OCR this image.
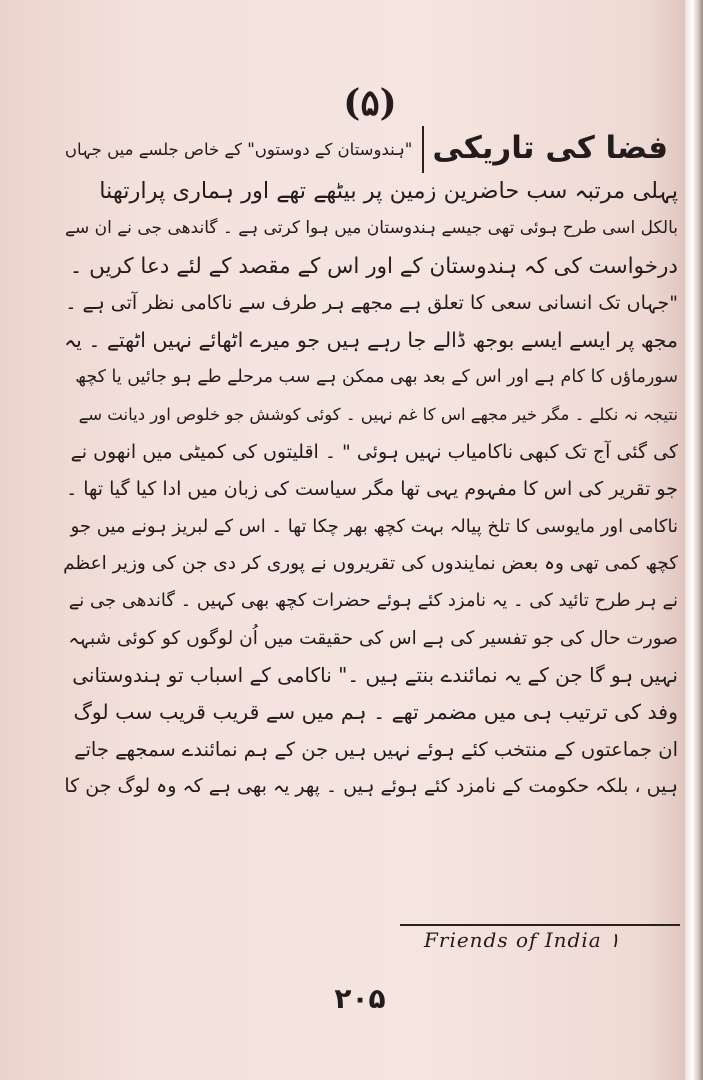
(۵)
فضا کی تاریکی
"ہندوستان کے دوستوں" کے خاص جلسے میں جہاں
پہلی مرتبہ سب حاضرین زمین پر بیٹھے تھے اور ہماری پرارتھنا
بالکل اسی طرح ہوئی تھی جیسے ہندوستان میں ہوا کرتی ہے ۔ گاندھی جی نے ان سے
درخواست کی کہ ہندوستان کے اور اس کے مقصد کے لئے دعا کریں ۔
"جہاں تک انسانی سعی کا تعلق ہے مجھے ہر طرف سے ناکامی نظر آتی ہے ۔
مجھ پر ایسے ایسے بوجھ ڈالے جا رہے ہیں جو میرے اٹھائے نہیں اٹھتے ۔ یہ
سورماؤں کا کام ہے اور اس کے بعد بھی ممکن ہے سب مرحلے طے ہو جائیں یا کچھ
نتیجہ نہ نکلے ۔ مگر خیر مجھے اس کا غم نہیں ۔ کوئی کوشش جو خلوص اور دیانت سے
کی گئی آج تک کبھی ناکامیاب نہیں ہوئی " ۔ اقلیتوں کی کمیٹی میں انھوں نے
جو تقریر کی اس کا مفہوم یہی تھا مگر سیاست کی زبان میں ادا کیا گیا تھا ۔
ناکامی اور مایوسی کا تلخ پیالہ بہت کچھ بھر چکا تھا ۔ اس کے لبریز ہونے میں جو
کچھ کمی تھی وہ بعض نمایندوں کی تقریروں نے پوری کر دی جن کی وزیر اعظم
نے ہر طرح تائید کی ۔ یہ نامزد کئے ہوئے حضرات کچھ بھی کہیں ۔ گاندھی جی نے
صورت حال کی جو تفسیر کی ہے اس کی حقیقت میں اُن لوگوں کو کوئی شبہہ
نہیں ہو گا جن کے یہ نمائندے بنتے ہیں ۔" ناکامی کے اسباب تو ہندوستانی
وفد کی ترتیب ہی میں مضمر تھے ۔ ہم میں سے قریب قریب سب لوگ
ان جماعتوں کے منتخب کئے ہوئے نہیں ہیں جن کے ہم نمائندے سمجھے جاتے
ہیں ، بلکہ حکومت کے نامزد کئے ہوئے ہیں ۔ پھر یہ بھی ہے کہ وہ لوگ جن کا
Friends of India ۱
۲۰۵
